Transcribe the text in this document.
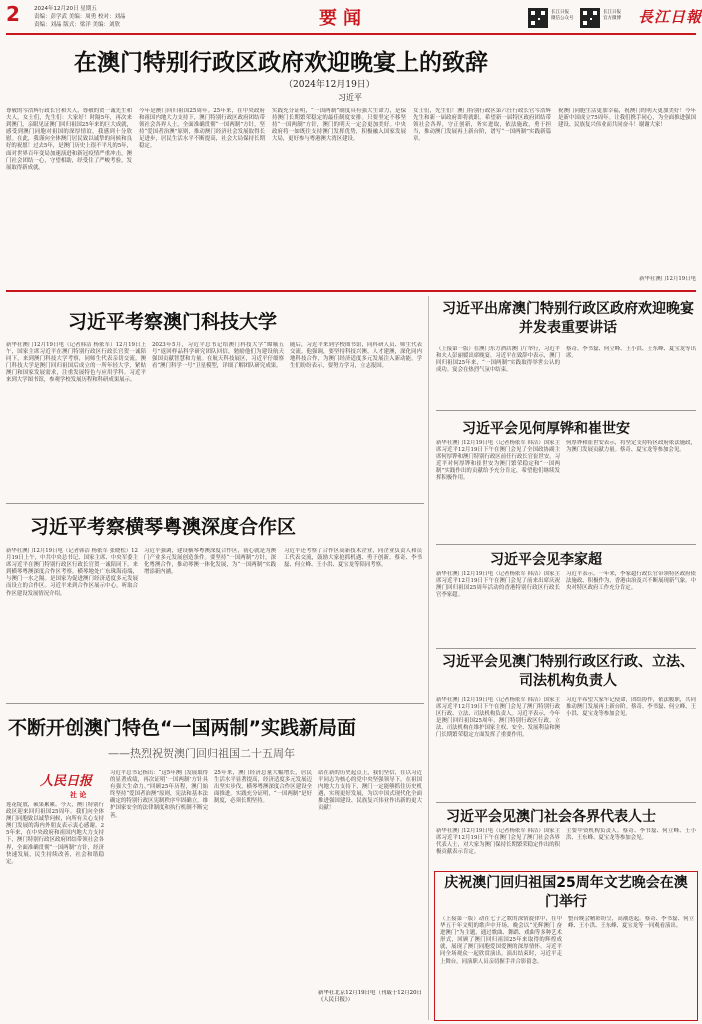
2	2024年12月20日 星期五
责编：彭学武 美编：周勇 校对：刘晶
责编：刘晶 版式：梁洋 美编：刘欣	要闻	长江日报
微信公众号
长江日报
官方微博 長江日報
在澳门特别行政区政府欢迎晚宴上的致辞
（2024年12月19日）
习近平
尊敬的岑浩辉行政长官和夫人，尊敬的贺一诚先生和夫人，女士们，先生们：大家好！时隔5年，再次来到澳门，亲眼见证澳门回归祖国25年来的巨大成就，感受到澳门同胞对祖国的深厚情谊，我感到十分欣慰。在此，我谨向全体澳门居民致以诚挚的问候和良好的祝愿！过去5年，是澳门历史上很不平凡的5年，面对世界百年变局加速演进和新冠疫情严重冲击，澳门社会团结一心，守望相助，经受住了严峻考验，发展取得新成就。
今年是澳门回归祖国25周年。25年来，在中央政府和祖国内地大力支持下，澳门特别行政区政府团结带领社会各界人士，全面准确贯彻“一国两制”方针，坚持“爱国者治澳”原则，推动澳门经济社会发展取得长足进步，居民生活水平不断提高，社会大局保持长期稳定。
实践充分证明，“一国两制”制度具有强大生命力，是保持澳门长期繁荣稳定的最佳制度安排。只要坚定不移坚持“一国两制”方针，澳门的明天一定会更加美好。中央政府将一如既往支持澳门发挥优势，积极融入国家发展大局，更好参与粤港澳大湾区建设。
女士们，先生们！澳门特别行政区第六任行政长官岑浩辉先生和新一届政府即将就职。希望新一届特区政府团结带领社会各界，守正创新，务实进取，依法施政，勇于担当，推动澳门发展再上新台阶，谱写“一国两制”实践新篇章。
祝澳门同胞生活更加幸福，祝澳门的明天更加美好！今年是新中国成立75周年。让我们携手同心，为全面推进强国建设、民族复兴伟业而共同奋斗！谢谢大家！
新华社澳门12月19日电
习近平考察澳门科技大学
新华社澳门12月19日电（记者韩洁 杨依军）12月19日上午，国家主席习近平在澳门特别行政区行政长官贺一诚陪同下，来到澳门科技大学考察，同师生代表亲切交流。澳门科技大学是澳门回归祖国后成立的一所年轻大学，紧贴澳门和国家发展需求，注重发展特色与应用学科。习近平来到大学图书馆，参观学校发展历程和科研成果展示。
2023年5月，习近平总书记给澳门科技大学“嫦娥五号”返回样品科学研究团队回信，勉励他们为建设航天强国贡献智慧和力量。在航天科技展区，习近平仔细察看“澳门科学一号”卫星模型，详细了解团队研究成果。
随后，习近平来到学校图书馆，同科研人员、师生代表交流。他强调，要坚持科技兴澳、人才建澳，深化同内地科技合作，为澳门经济适度多元发展注入新动能。学生们纷纷表示，要努力学习，立志报国。
习近平出席澳门特别行政区政府欢迎晚宴并发表重要讲话
（上接第一版）在澳门东方酒店澳门厅举行，习近平和夫人彭丽媛出席晚宴。习近平在致辞中表示，澳门回归祖国25年来，“一国两制”实践取得举世公认的成功。宴会在热烈气氛中结束。
蔡奇、李书磊、何立峰、王小洪、王东峰、夏宝龙等出席。
习近平会见何厚铧和崔世安
新华社澳门12月19日电（记者杨依军 韩洁）国家主席习近平12月19日下午在澳门会见了全国政协副主席何厚铧和澳门特别行政区前任行政长官崔世安。习近平对何厚铧和崔世安为澳门繁荣稳定和“一国两制”实践作出的贡献给予充分肯定，希望他们继续发挥积极作用。
何厚铧和崔世安表示，将坚定支持特区政府依法施政，为澳门发展贡献力量。蔡奇、夏宝龙等参加会见。
习近平考察横琴粤澳深度合作区
新华社澳门12月19日电（记者韩洁 杨依军 张晓松）12月19日上午，中共中央总书记、国家主席、中央军委主席习近平在澳门特别行政区行政长官贺一诚陪同下，来到横琴粤澳深度合作区考察。横琴地处广东珠海南端，与澳门一水之隔。是国家为促进澳门经济适度多元发展而设立的合作区。习近平来到合作区展示中心，听取合作区建设发展情况介绍。
习近平强调，建设横琴粤澳深度合作区，初心就是为澳门产业多元发展创造条件。要坚持“一国两制”方针，深化粤澳合作，推动琴澳一体化发展，为“一国两制”实践增添新内涵。
习近平还考察了合作区高新技术企业，同企业负责人和员工代表交流，鼓励大家抢抓机遇、勇于创新。蔡奇、李书磊、何立峰、王小洪、夏宝龙等陪同考察。	习近平会见李家超
新华社澳门12月19日电（记者杨依军 韩洁）国家主席习近平12月19日下午在澳门会见了前来出席庆祝澳门回归祖国25周年活动的香港特别行政区行政长官李家超。
习近平表示，一年来，李家超行政长官带领特区政府依法施政、积极作为，香港由治及兴不断展现新气象。中央对特区政府工作充分肯定。
习近平会见澳门特别行政区行政、立法、司法机构负责人
新华社澳门12月19日电（记者杨依军 韩洁）国家主席习近平12月19日下午在澳门会见了澳门特别行政区行政、立法、司法机构负责人。习近平表示，今年是澳门回归祖国25周年。澳门特别行政区行政、立法、司法机构在维护国家主权、安全、发展利益和澳门长期繁荣稳定方面发挥了重要作用。
习近平希望大家牢记使命，团结协作，依法履职，共同推动澳门发展再上新台阶。蔡奇、李书磊、何立峰、王小洪、夏宝龙等参加会见。
不断开创澳门特色“一国两制”实践新局面
——热烈祝贺澳门回归祖国二十五周年
人民日报
社 论
莲花绽放，硕果累累。今天，澳门特别行政区迎来回归祖国25周年。我们向全体澳门同胞致以诚挚问候，向所有关心支持澳门发展的海内外朋友表示衷心感谢。25年来，在中央政府和祖国内地大力支持下，澳门特别行政区政府团结带领社会各界，全面准确贯彻“一国两制”方针，经济快速发展，民生持续改善，社会和谐稳定。
习近平总书记指出：“这5年澳门发展取得的显著成绩，再次证明‘一国两制’方针具有强大生命力。”回顾25年历程，澳门始终坚持“爱国者治澳”原则，宪法和基本法确定的特别行政区宪制秩序牢固确立，维护国家安全的法律制度和执行机制不断完善。
25年来，澳门经济总量大幅增长，居民生活水平显著提高，经济适度多元发展迈出坚实步伐，横琴粤澳深度合作区建设全面推进。实践充分证明，“一国两制”是好制度，必须长期坚持。
站在新的历史起点上，我们坚信，在以习近平同志为核心的党中央坚强领导下，在祖国内地大力支持下，澳门一定能够抓住历史机遇，实现更好发展，为以中国式现代化全面推进强国建设、民族复兴伟业作出新的更大贡献！
新华社北京12月19日电（刊载于12月20日《人民日报》）
习近平会见澳门社会各界代表人士
新华社澳门12月19日电（记者杨依军 韩洁）国家主席习近平12月19日下午在澳门会见了澳门社会各界代表人士，对大家为澳门保持长期繁荣稳定作出的积极贡献表示肯定。
主要中资机构负责人。蔡奇、李书磊、何立峰、王小洪、王东峰、夏宝龙等参加会见。
庆祝澳门回归祖国25周年文艺晚会在澳门举行
（上接第一版）动在七子之歌的深情旋律中，在中华五千年文明的歌声中开场。晚会以“光辉澳门 奋进澳门”为主题，通过歌曲、舞蹈、戏曲等多种艺术形式，回顾了澳门回归祖国25年来取得的辉煌成就，展现了澳门同胞爱国爱澳的深厚情怀。习近平同全场观众一起欣赏演出，演出结束时，习近平走上舞台，同演职人员亲切握手并合影留念。
整台晚会精彩纷呈，高潮迭起。蔡奇、李书磊、何立峰、王小洪、王东峰、夏宝龙等一同观看演出。
